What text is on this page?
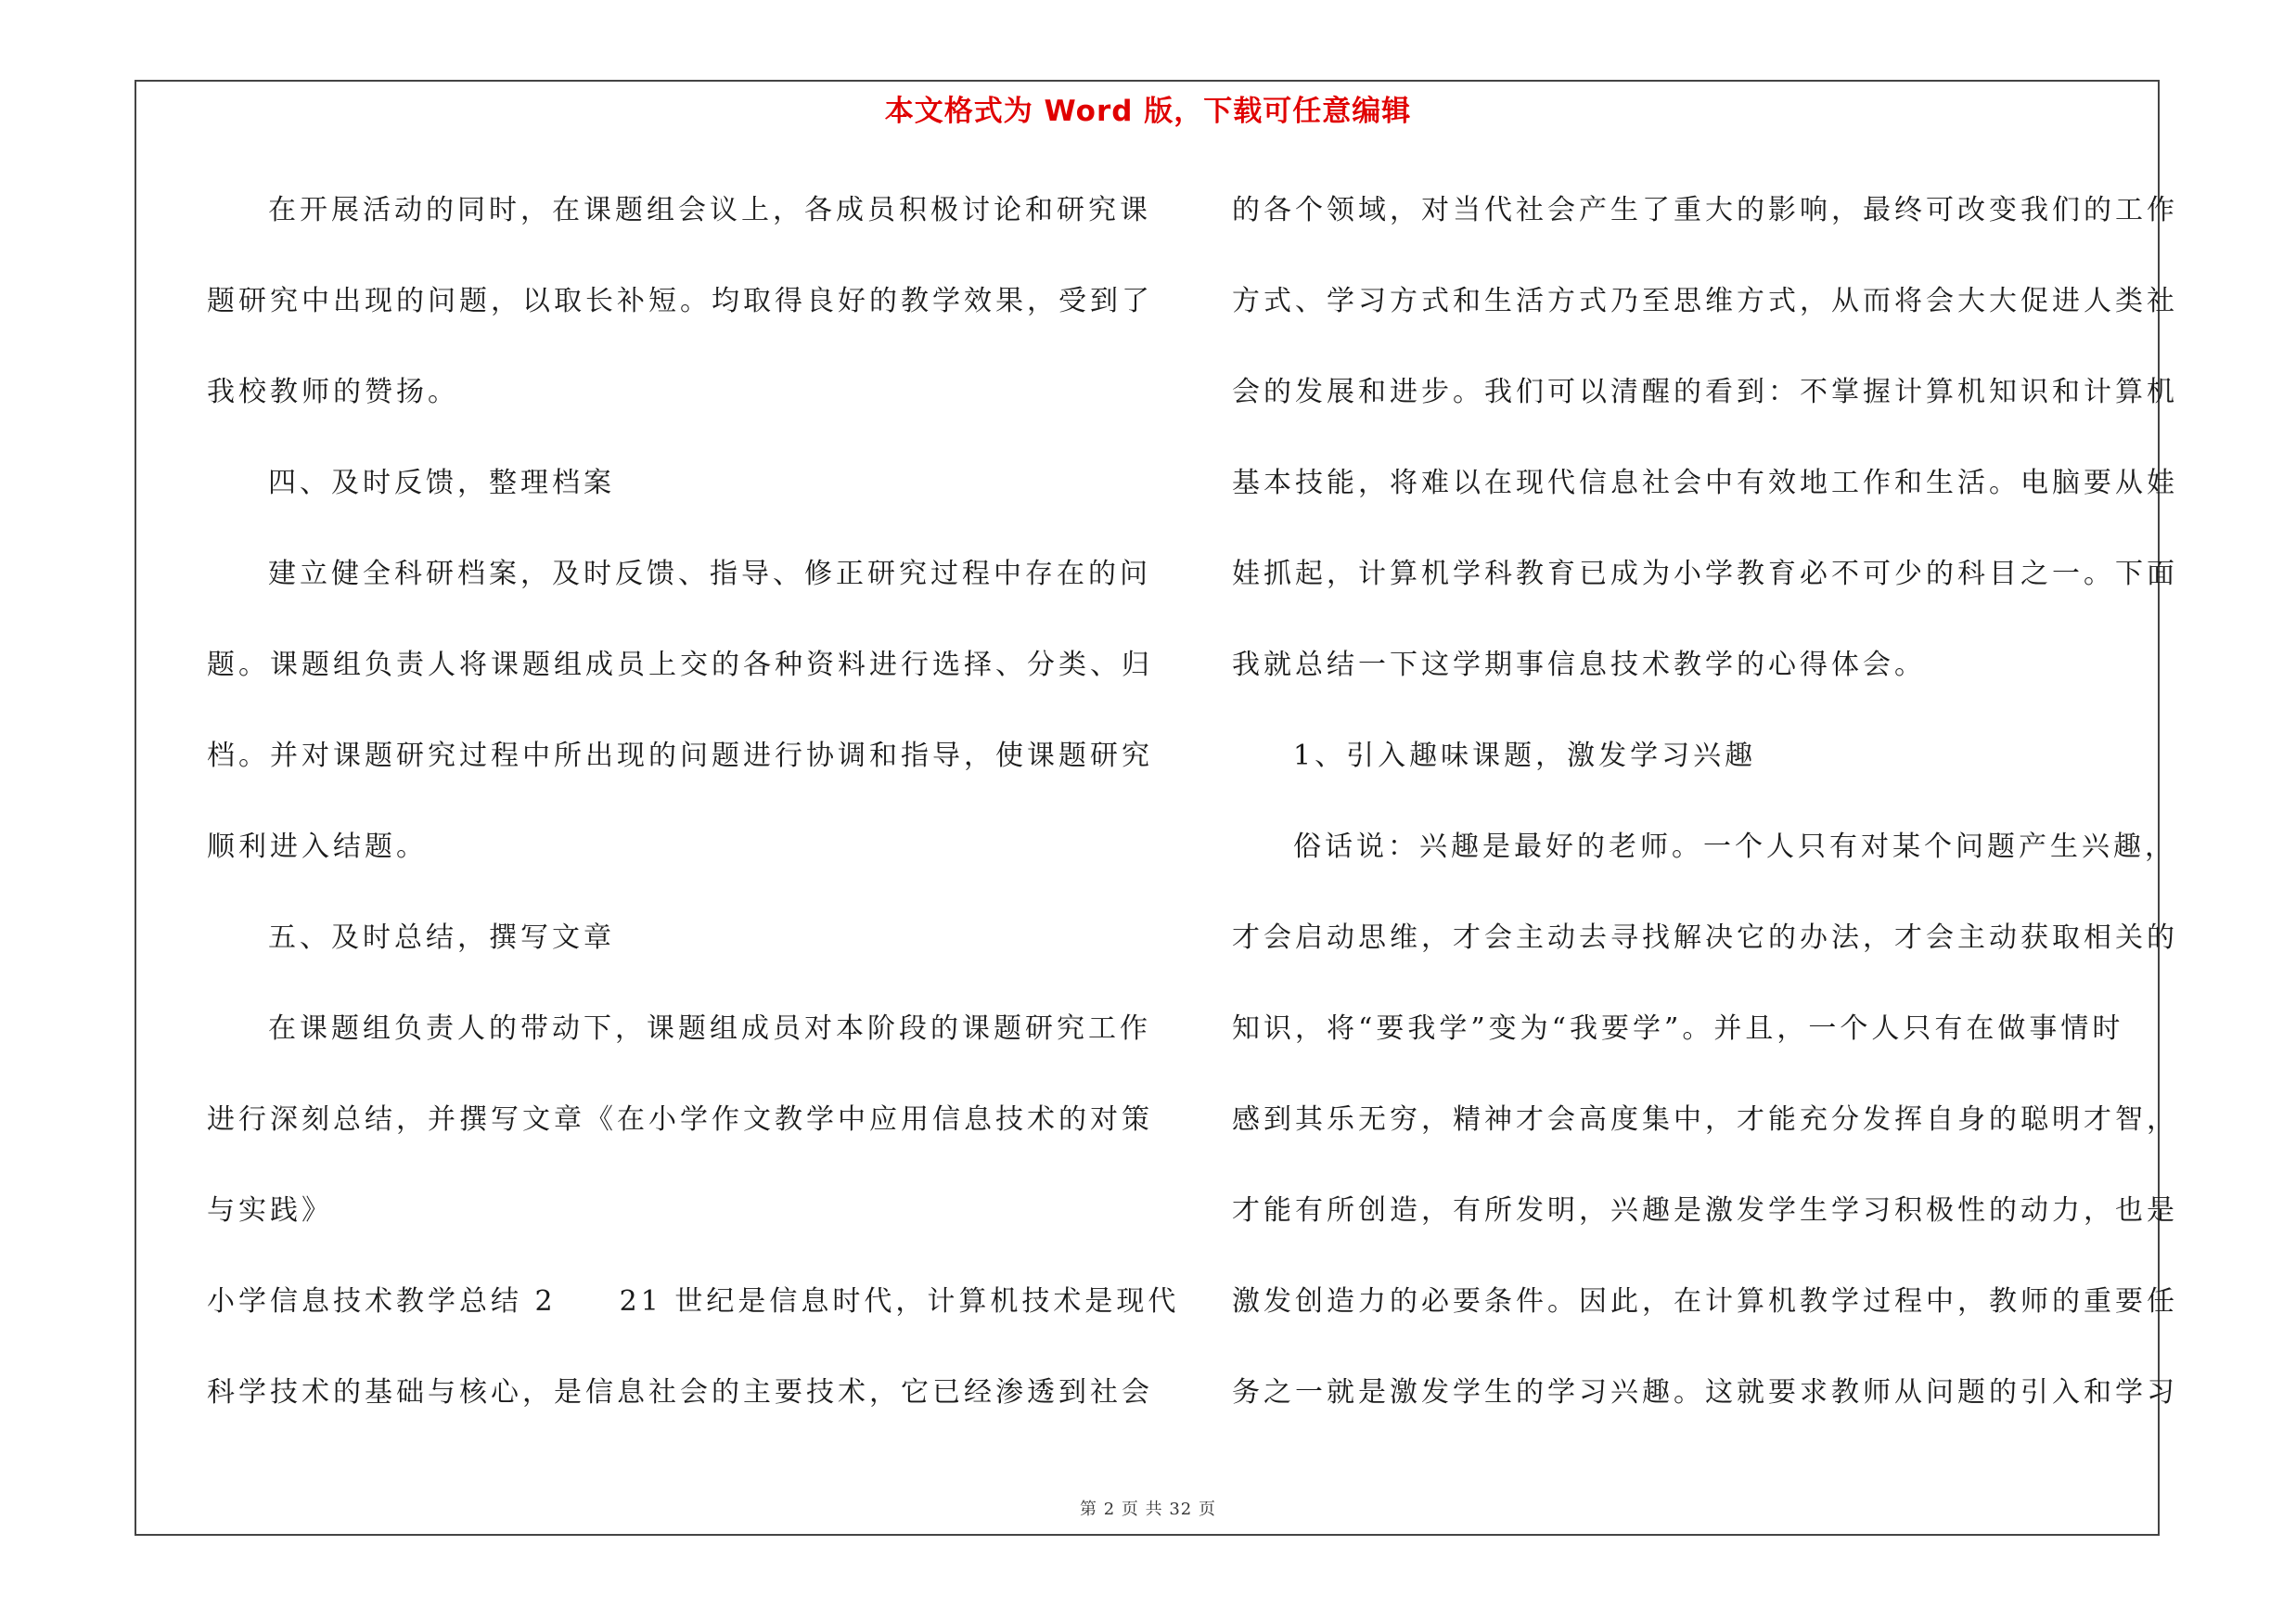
本文格式为 Word 版，下载可任意编辑
在开展活动的同时，在课题组会议上，各成员积极讨论和研究课
题研究中出现的问题，以取长补短。均取得良好的教学效果，受到了
我校教师的赞扬。
四、及时反馈，整理档案
建立健全科研档案，及时反馈、指导、修正研究过程中存在的问
题。课题组负责人将课题组成员上交的各种资料进行选择、分类、归
档。并对课题研究过程中所出现的问题进行协调和指导，使课题研究
顺利进入结题。
五、及时总结，撰写文章
在课题组负责人的带动下，课题组成员对本阶段的课题研究工作
进行深刻总结，并撰写文章《在小学作文教学中应用信息技术的对策
与实践》
小学信息技术教学总结 2　　21 世纪是信息时代，计算机技术是现代
科学技术的基础与核心，是信息社会的主要技术，它已经渗透到社会
的各个领域，对当代社会产生了重大的影响，最终可改变我们的工作
方式、学习方式和生活方式乃至思维方式，从而将会大大促进人类社
会的发展和进步。我们可以清醒的看到：不掌握计算机知识和计算机
基本技能，将难以在现代信息社会中有效地工作和生活。电脑要从娃
娃抓起，计算机学科教育已成为小学教育必不可少的科目之一。下面
我就总结一下这学期事信息技术教学的心得体会。
1、引入趣味课题，激发学习兴趣
俗话说：兴趣是最好的老师。一个人只有对某个问题产生兴趣，
才会启动思维，才会主动去寻找解决它的办法，才会主动获取相关的
知识，将“要我学”变为“我要学”。并且，一个人只有在做事情时
感到其乐无穷，精神才会高度集中，才能充分发挥自身的聪明才智，
才能有所创造，有所发明，兴趣是激发学生学习积极性的动力，也是
激发创造力的必要条件。因此，在计算机教学过程中，教师的重要任
务之一就是激发学生的学习兴趣。这就要求教师从问题的引入和学习
第 2 页 共 32 页
